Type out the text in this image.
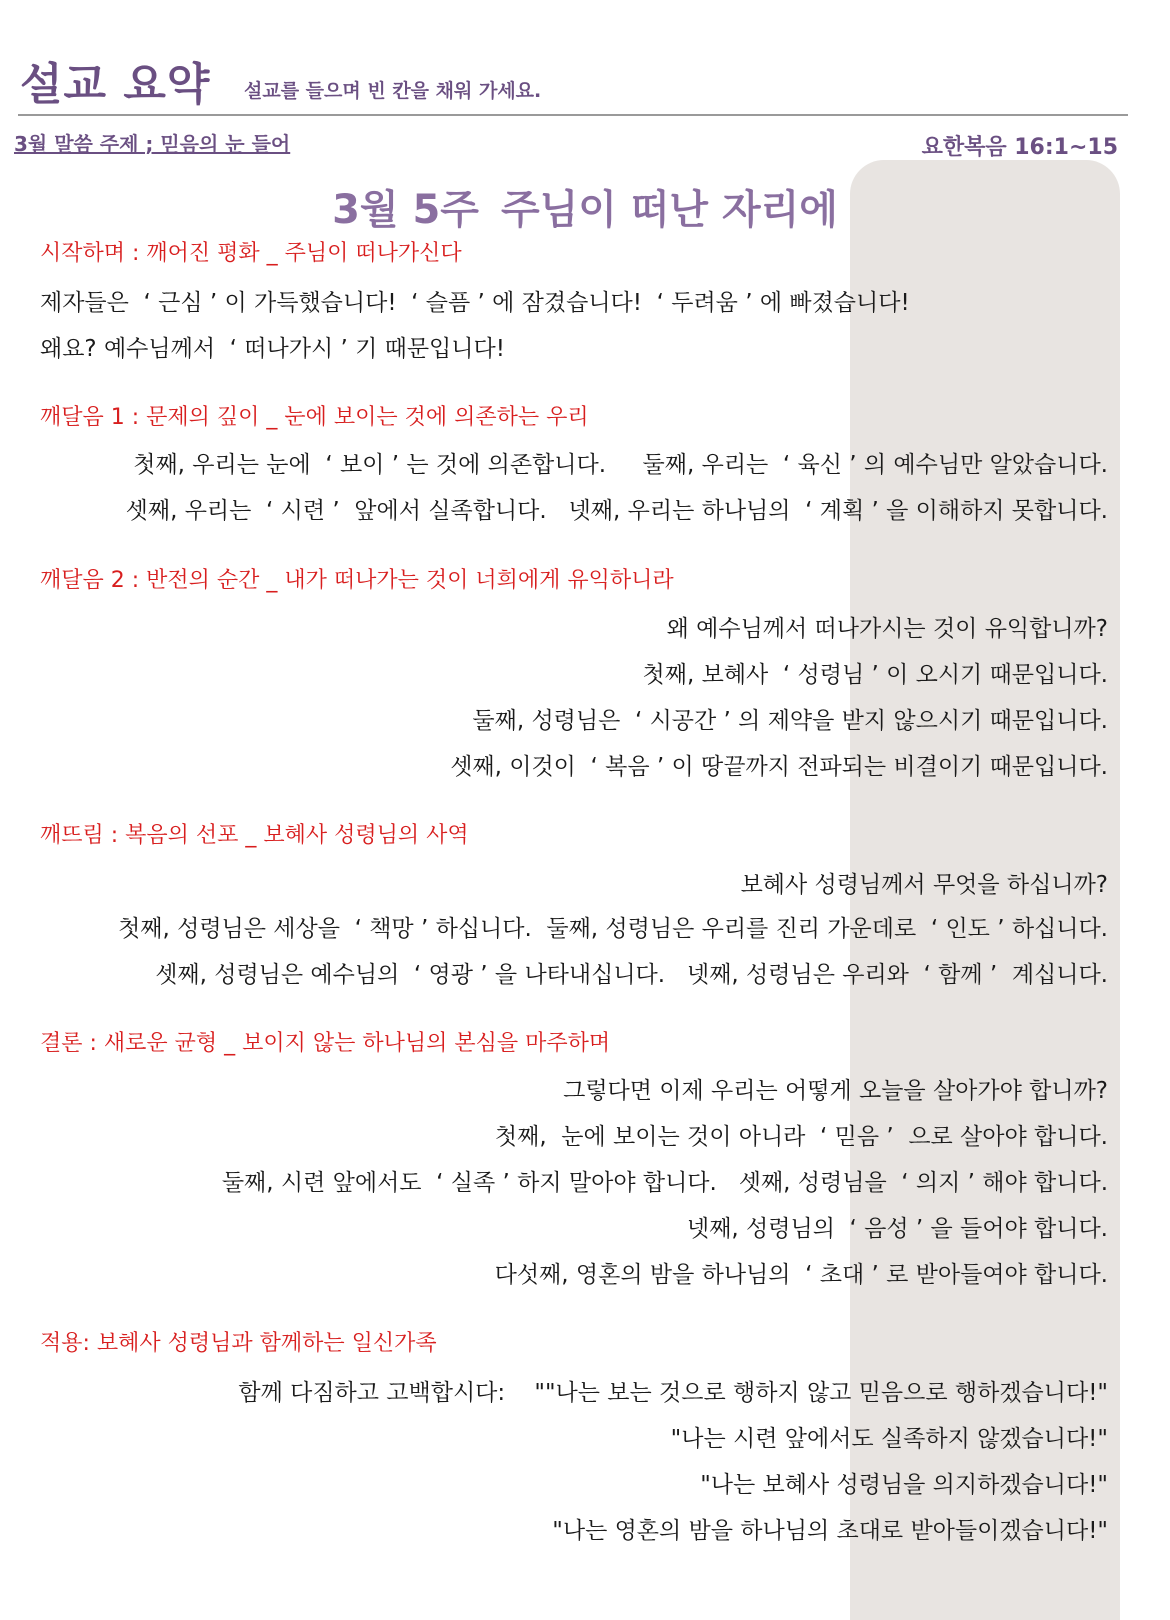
설교 요약 설교를 들으며 빈 칸을 채워 가세요.
3월 말씀 주제 ; 믿음의 눈 들어	요한복음 16:1~15
3월 5주 주님이 떠난 자리에
시작하며 : 깨어진 평화 _ 주님이 떠나가신다
제자들은  ‘ 근심 ’ 이 가득했습니다!  ‘ 슬픔 ’ 에 잠겼습니다!  ‘ 두려움 ’ 에 빠졌습니다!
왜요? 예수님께서  ‘ 떠나가시 ’ 기 때문입니다!
깨달음 1 : 문제의 깊이 _ 눈에 보이는 것에 의존하는 우리
첫째, 우리는 눈에  ‘ 보이 ’ 는 것에 의존합니다.     둘째, 우리는  ‘ 육신 ’ 의 예수님만 알았습니다.
셋째, 우리는  ‘ 시련 ’  앞에서 실족합니다.   넷째, 우리는 하나님의  ‘ 계획 ’ 을 이해하지 못합니다.
깨달음 2 : 반전의 순간 _ 내가 떠나가는 것이 너희에게 유익하니라
왜 예수님께서 떠나가시는 것이 유익합니까?
첫째, 보혜사  ‘ 성령님 ’ 이 오시기 때문입니다.
둘째, 성령님은  ‘ 시공간 ’ 의 제약을 받지 않으시기 때문입니다.
셋째, 이것이  ‘ 복음 ’ 이 땅끝까지 전파되는 비결이기 때문입니다.
깨뜨림 : 복음의 선포 _ 보혜사 성령님의 사역
보혜사 성령님께서 무엇을 하십니까?
첫째, 성령님은 세상을  ‘ 책망 ’ 하십니다.  둘째, 성령님은 우리를 진리 가운데로  ‘ 인도 ’ 하십니다.
셋째, 성령님은 예수님의  ‘ 영광 ’ 을 나타내십니다.   넷째, 성령님은 우리와  ‘ 함께 ’  계십니다.
결론 : 새로운 균형 _ 보이지 않는 하나님의 본심을 마주하며
그렇다면 이제 우리는 어떻게 오늘을 살아가야 합니까?
첫째,  눈에 보이는 것이 아니라  ‘ 믿음 ’  으로 살아야 합니다.
둘째, 시련 앞에서도  ‘ 실족 ’ 하지 말아야 합니다.   셋째, 성령님을  ‘ 의지 ’ 해야 합니다.
넷째, 성령님의  ‘ 음성 ’ 을 들어야 합니다.
다섯째, 영혼의 밤을 하나님의  ‘ 초대 ’ 로 받아들여야 합니다.
적용: 보혜사 성령님과 함께하는 일신가족
함께 다짐하고 고백합시다:    ""나는 보는 것으로 행하지 않고 믿음으로 행하겠습니다!"
"나는 시련 앞에서도 실족하지 않겠습니다!"
"나는 보혜사 성령님을 의지하겠습니다!"
"나는 영혼의 밤을 하나님의 초대로 받아들이겠습니다!"
